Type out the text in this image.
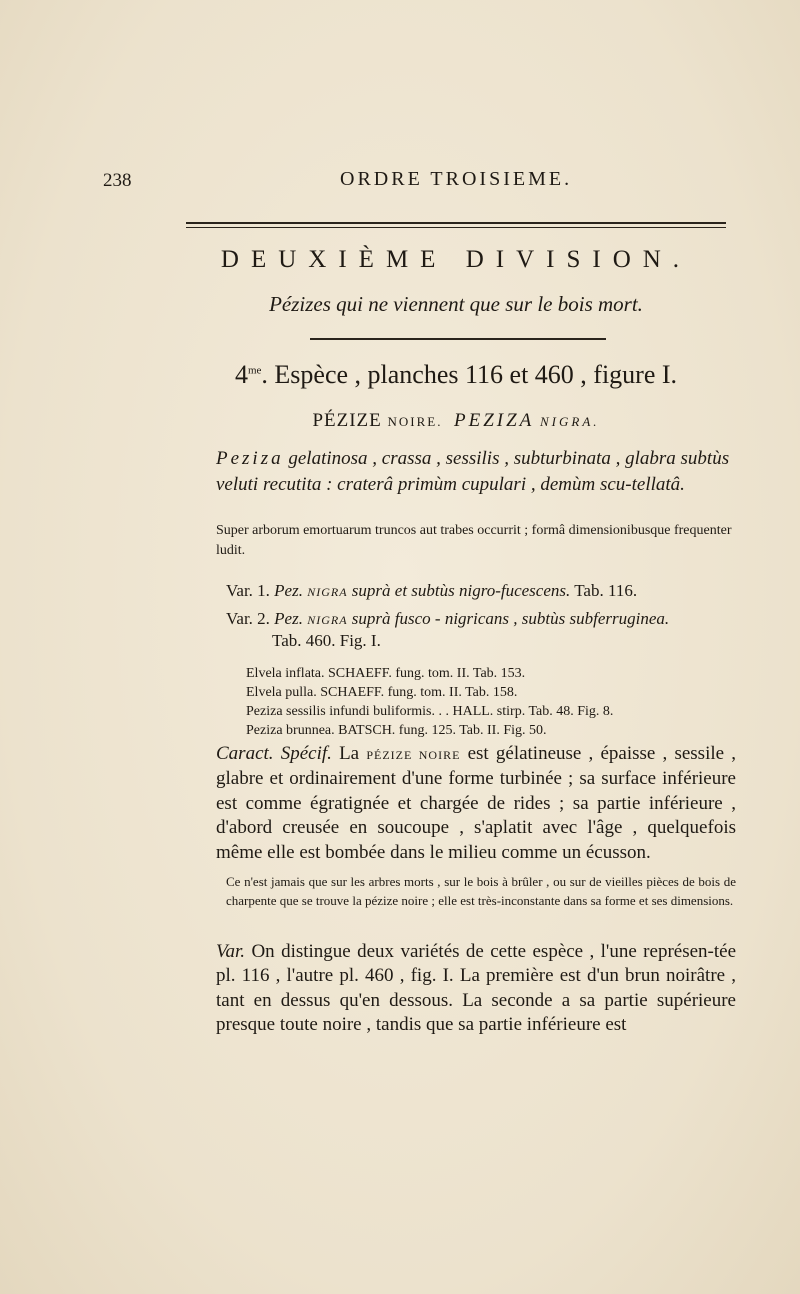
238	ORDRE TROISIEME.
DEUXIÈME DIVISION.
Pézizes qui ne viennent que sur le bois mort.
$4^{me}$. Espèce , planches 116 et 460 , figure I.
PÉZIZE NOIRE. PEZIZA NIGRA.
Peziza gelatinosa , crassa , sessilis , subturbinata , glabra subtùs veluti recutita : craterâ primùm cupulari , demùm scu-tellatâ.
Super arborum emortuarum truncos aut trabes occurrit ; formâ dimensionibusque frequenter ludit.
Var. 1. Pez. NIGRA suprà et subtùs nigro-fucescens. Tab. 116.
Var. 2. Pez. NIGRA suprà fusco - nigricans , subtùs subferruginea.
Tab. 460. Fig. I.
Elvela inflata. SCHAEFF. fung. tom. II. Tab. 153.
Elvela pulla. SCHAEFF. fung. tom. II. Tab. 158.
Peziza sessilis infundi buliformis. . . HALL. stirp. Tab. 48. Fig. 8.
Peziza brunnea. BATSCH. fung. 125. Tab. II. Fig. 50.
Caract. Spécif. La PÉZIZE NOIRE est gélatineuse , épaisse , sessile , glabre et ordinairement d'une forme turbinée ; sa surface inférieure est comme égratignée et chargée de rides ; sa partie inférieure , d'abord creusée en soucoupe , s'aplatit avec l'âge , quelquefois même elle est bombée dans le milieu comme un écusson.
Ce n'est jamais que sur les arbres morts , sur le bois à brûler , ou sur de vieilles pièces de bois de charpente que se trouve la pézize noire ; elle est très-inconstante dans sa forme et ses dimensions.
Var. On distingue deux variétés de cette espèce , l'une représen-tée pl. 116 , l'autre pl. 460 , fig. I. La première est d'un brun noirâtre , tant en dessus qu'en dessous. La seconde a sa partie supérieure presque toute noire , tandis que sa partie inférieure est
